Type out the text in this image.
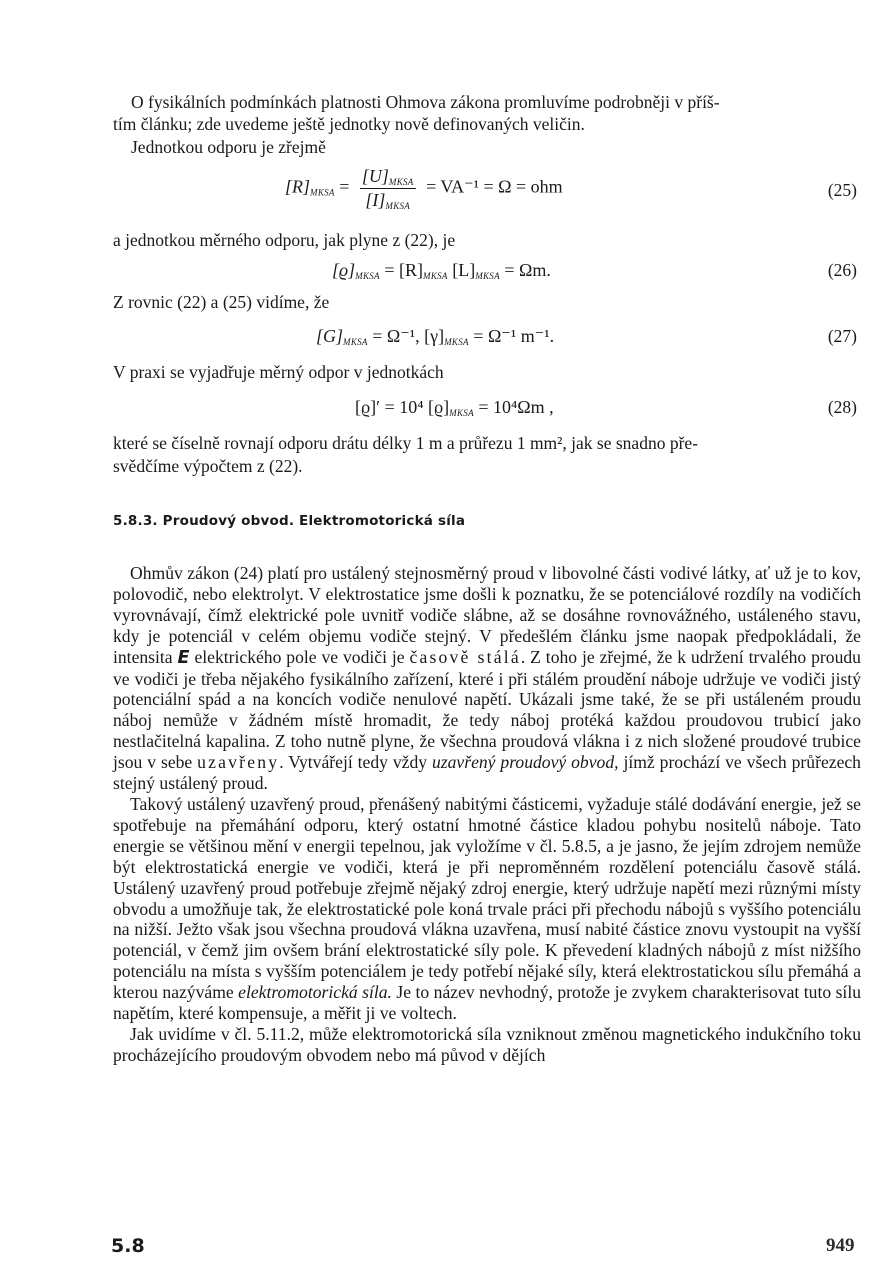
O fysikálních podmínkách platnosti Ohmova zákona promluvíme podrobněji v příš-
tím článku; zde uvedeme ještě jednotky nově definovaných veličin.
Jednotkou odporu je zřejmě
$[R]_{MKSA} = \frac{[U]_{MKSA}}{[I]_{MKSA}} = VA^{-1} = \Omega$ = ohm	(25)
a jednotkou měrného odporu, jak plyne z (22), je
$[ϱ]_{MKSA} = [R]_{MKSA}$ $[L]_{MKSA} = \Omega m$.	(26)
Z rovnic (22) a (25) vidíme, že
$[G]_{MKSA} = \Omega^{-1}$, $[\gamma]_{MKSA} = \Omega^{-1}$ m⁻¹.	(27)
V praxi se vyjadřuje měrný odpor v jednotkách
[ϱ]′ = 10⁴ $[ϱ]_{MKSA} = 10^4\Omega m$ ,	(28)
které se číselně rovnají odporu drátu délky 1 m a průřezu 1 mm², jak se snadno pře-
svědčíme výpočtem z (22).
5.8.3. Proudový obvod. Elektromotorická síla

Ohmův zákon (24) platí pro ustálený stejnosměrný proud v libovolné části vodivé látky, ať už je to kov, polovodič, nebo elektrolyt. V elektrostatice jsme došli k poznatku, že se potenciálové rozdíly na vodičích vyrovnávají, čímž elektrické pole uvnitř vodiče slábne, až se dosáhne rovnovážného, ustáleného stavu, kdy je potenciál v celém objemu vodiče stejný. V předešlém článku jsme naopak předpokládali, že intensita E elektrického pole ve vodiči je časově stálá. Z toho je zřejmé, že k udržení trvalého proudu ve vodiči je třeba nějakého fysikálního zařízení, které i při stálém proudění náboje udržuje ve vodiči jistý potenciální spád a na koncích vodiče nenulové napětí. Ukázali jsme také, že se při ustáleném proudu náboj nemůže v žádném místě hromadit, že tedy náboj protéká každou proudovou trubicí jako nestlačitelná kapalina. Z toho nutně plyne, že všechna proudová vlákna i z nich složené proudové trubice jsou v sebe uzavřeny. Vytvářejí tedy vždy uzavřený proudový obvod, jímž prochází ve všech průřezech stejný ustálený proud.

Takový ustálený uzavřený proud, přenášený nabitými částicemi, vyžaduje stálé dodávání energie, jež se spotřebuje na přemáhání odporu, který ostatní hmotné částice kladou pohybu nositelů náboje. Tato energie se většinou mění v energii tepelnou, jak vyložíme v čl. 5.8.5, a je jasno, že jejím zdrojem nemůže být elektrostatická energie ve vodiči, která je při neproměnném rozdělení potenciálu časově stálá. Ustálený uzavřený proud potřebuje zřejmě nějaký zdroj energie, který udržuje napětí mezi různými místy obvodu a umožňuje tak, že elektrostatické pole koná trvale práci při přechodu nábojů s vyššího potenciálu na nižší. Ježto však jsou všechna proudová vlákna uzavřena, musí nabité částice znovu vystoupit na vyšší potenciál, v čemž jim ovšem brání elektrostatické síly pole. K převedení kladných nábojů z míst nižšího potenciálu na místa s vyšším potenciálem je tedy potřebí nějaké síly, která elektrostatickou sílu přemáhá a kterou nazýváme elektromotorická síla. Je to název nevhodný, protože je zvykem charakterisovat tuto sílu napětím, které kompensuje, a měřit ji ve voltech.

Jak uvidíme v čl. 5.11.2, může elektromotorická síla vzniknout změnou magnetického indukčního toku procházejícího proudovým obvodem nebo má původ v dějích

5.8	949
